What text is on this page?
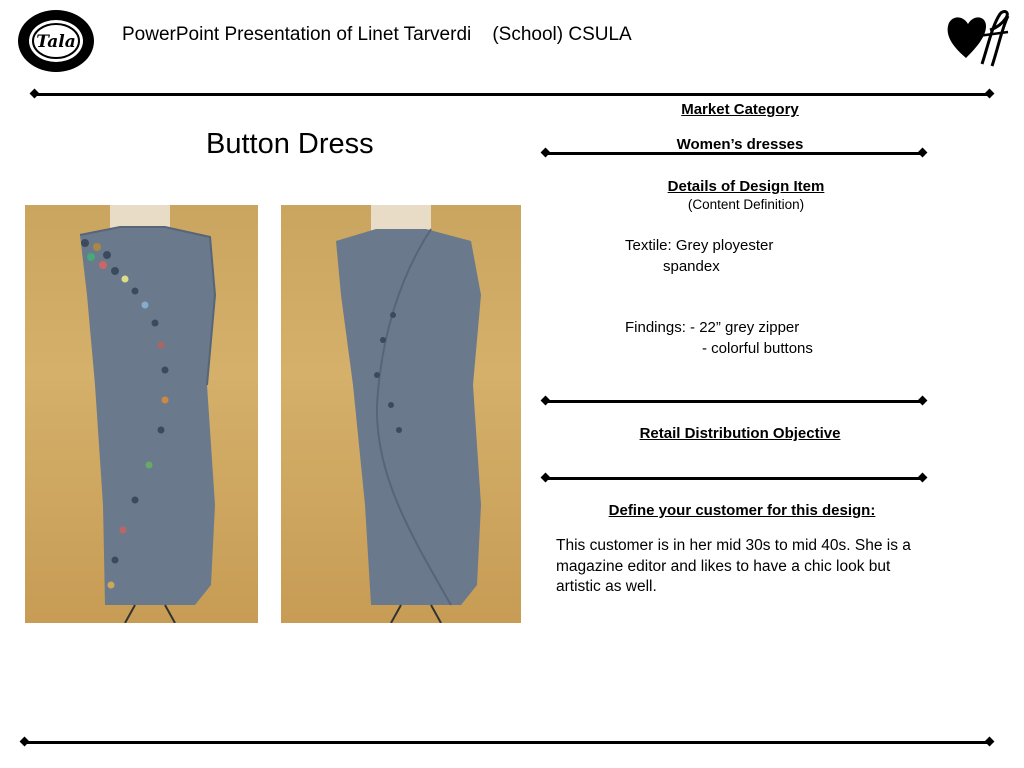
Tala PowerPoint Presentation of Linet Tarverdi    (School) CSULA
Button Dress
Market Category
Women’s dresses
Details of Design Item
(Content Definition)
Textile: Grey ployester
spandex
Findings: - 22” grey zipper
- colorful buttons
Retail Distribution Objective
Define your customer for this design:
This customer is in her mid 30s to mid 40s. She is a magazine editor and likes to have a chic look but artistic as well.
